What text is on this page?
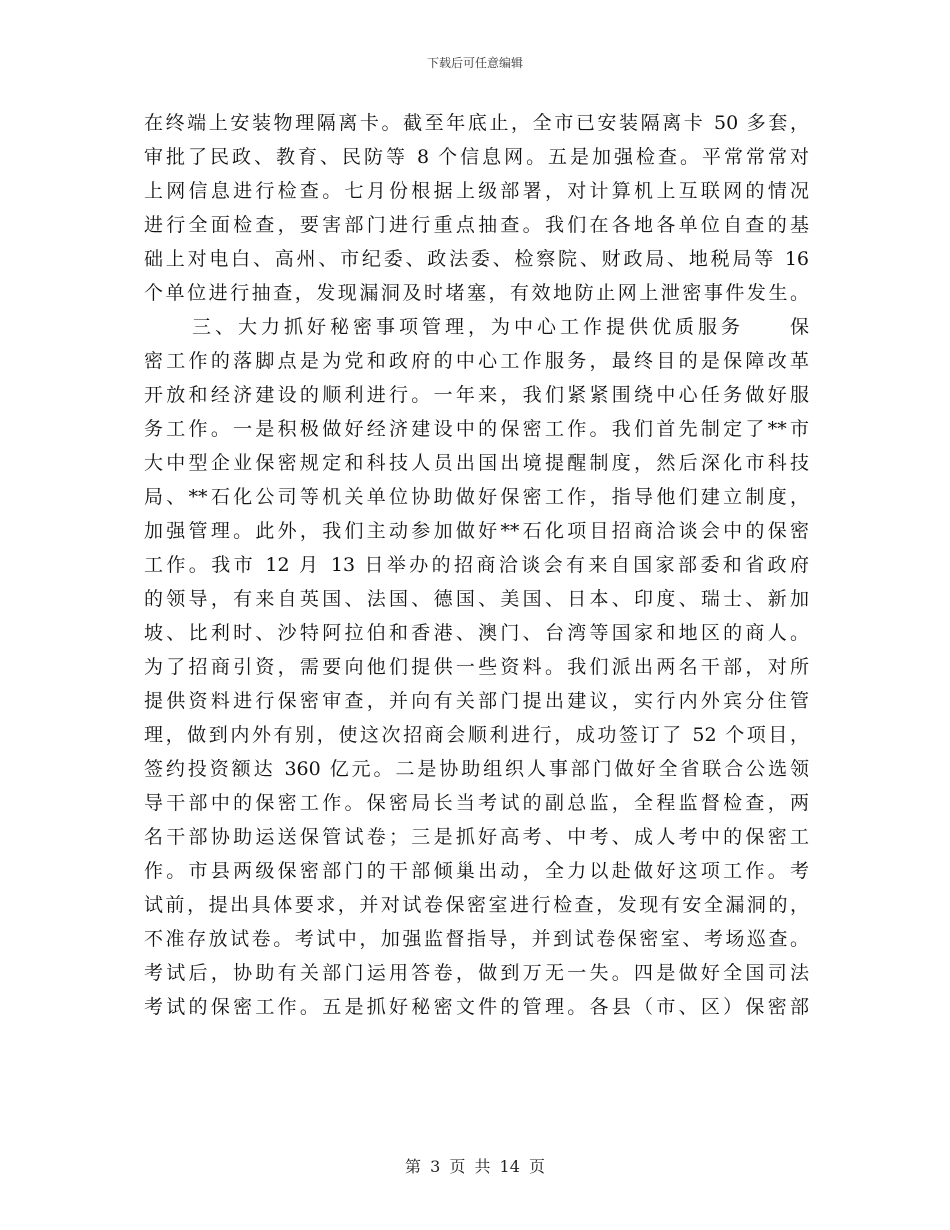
下载后可任意编辑
在终端上安装物理隔离卡。截至年底止，全市已安装隔离卡 50 多套，
审批了民政、教育、民防等 8 个信息网。五是加强检查。平常常常对
上网信息进行检查。七月份根据上级部署，对计算机上互联网的情况
进行全面检查，要害部门进行重点抽查。我们在各地各单位自查的基
础上对电白、高州、市纪委、政法委、检察院、财政局、地税局等 16
个单位进行抽查，发现漏洞及时堵塞，有效地防止网上泄密事件发生。
三、大力抓好秘密事项管理，为中心工作提供优质服务　　保
密工作的落脚点是为党和政府的中心工作服务，最终目的是保障改革
开放和经济建设的顺利进行。一年来，我们紧紧围绕中心任务做好服
务工作。一是积极做好经济建设中的保密工作。我们首先制定了**市
大中型企业保密规定和科技人员出国出境提醒制度，然后深化市科技
局、**石化公司等机关单位协助做好保密工作，指导他们建立制度，
加强管理。此外，我们主动参加做好**石化项目招商洽谈会中的保密
工作。我市 12 月 13 日举办的招商洽谈会有来自国家部委和省政府
的领导，有来自英国、法国、德国、美国、日本、印度、瑞士、新加
坡、比利时、沙特阿拉伯和香港、澳门、台湾等国家和地区的商人。
为了招商引资，需要向他们提供一些资料。我们派出两名干部，对所
提供资料进行保密审查，并向有关部门提出建议，实行内外宾分住管
理，做到内外有别，使这次招商会顺利进行，成功签订了 52 个项目，
签约投资额达 360 亿元。二是协助组织人事部门做好全省联合公选领
导干部中的保密工作。保密局长当考试的副总监，全程监督检查，两
名干部协助运送保管试卷；三是抓好高考、中考、成人考中的保密工
作。市县两级保密部门的干部倾巢出动，全力以赴做好这项工作。考
试前，提出具体要求，并对试卷保密室进行检查，发现有安全漏洞的，
不准存放试卷。考试中，加强监督指导，并到试卷保密室、考场巡查。
考试后，协助有关部门运用答卷，做到万无一失。四是做好全国司法
考试的保密工作。五是抓好秘密文件的管理。各县（市、区）保密部
第 3 页 共 14 页
